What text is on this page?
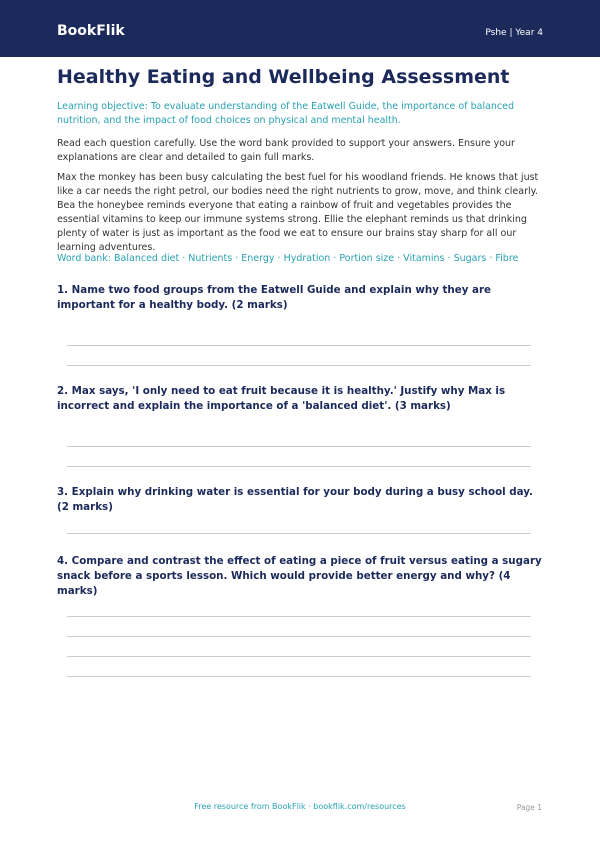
BookFlik	Pshe | Year 4
Healthy Eating and Wellbeing Assessment
Learning objective: To evaluate understanding of the Eatwell Guide, the importance of balanced nutrition, and the impact of food choices on physical and mental health.
Read each question carefully. Use the word bank provided to support your answers. Ensure your explanations are clear and detailed to gain full marks.
Max the monkey has been busy calculating the best fuel for his woodland friends. He knows that just like a car needs the right petrol, our bodies need the right nutrients to grow, move, and think clearly. Bea the honeybee reminds everyone that eating a rainbow of fruit and vegetables provides the essential vitamins to keep our immune systems strong. Ellie the elephant reminds us that drinking plenty of water is just as important as the food we eat to ensure our brains stay sharp for all our learning adventures.
Word bank: Balanced diet · Nutrients · Energy · Hydration · Portion size · Vitamins · Sugars · Fibre
1. Name two food groups from the Eatwell Guide and explain why they are important for a healthy body. (2 marks)
2. Max says, 'I only need to eat fruit because it is healthy.' Justify why Max is incorrect and explain the importance of a 'balanced diet'. (3 marks)
3. Explain why drinking water is essential for your body during a busy school day. (2 marks)
4. Compare and contrast the effect of eating a piece of fruit versus eating a sugary snack before a sports lesson. Which would provide better energy and why? (4 marks)
Free resource from BookFlik · bookflik.com/resources	Page 1
